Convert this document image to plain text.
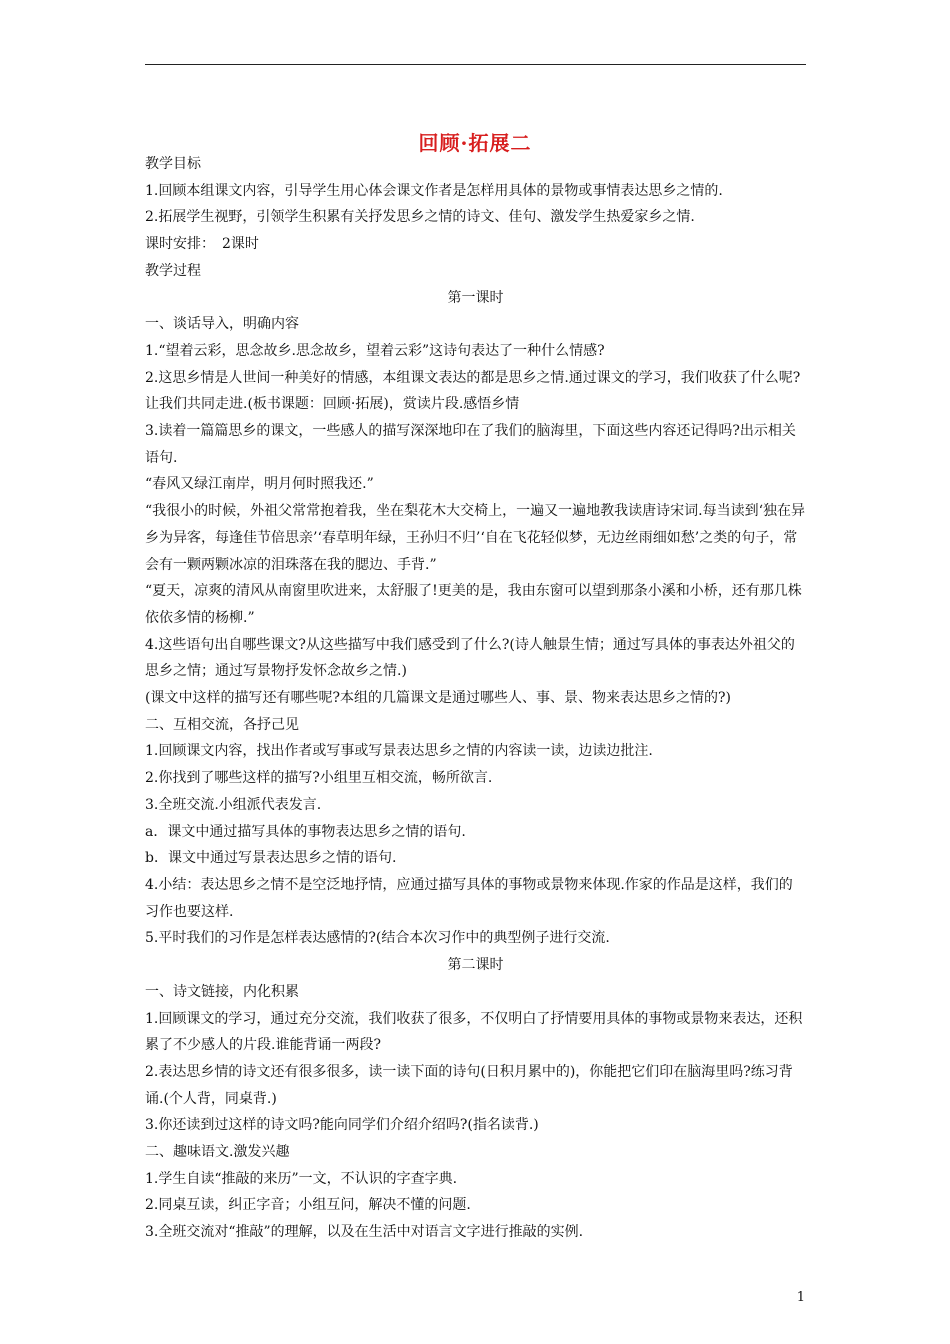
回顾·拓展二

教学目标

1.回顾本组课文内容，引导学生用心体会课文作者是怎样用具体的景物或事情表达思乡之情的.

2.拓展学生视野，引领学生积累有关抒发思乡之情的诗文、佳句、激发学生热爱家乡之情.

课时安排：　2课时

教学过程

第一课时

一、谈话导入，明确内容

1.“望着云彩，思念故乡.思念故乡，望着云彩”这诗句表达了一种什么情感?

2.这思乡情是人世间一种美好的情感，本组课文表达的都是思乡之情.通过课文的学习，我们收获了什么呢?让我们共同走进.(板书课题：回顾·拓展)，赏读片段.感悟乡情

3.读着一篇篇思乡的课文，一些感人的描写深深地印在了我们的脑海里，下面这些内容还记得吗?出示相关语句.

“春风又绿江南岸，明月何时照我还.”

“我很小的时候，外祖父常常抱着我，坐在梨花木大交椅上，一遍又一遍地教我读唐诗宋词.每当读到‘独在异乡为异客，每逢佳节倍思亲’‘春草明年绿，王孙归不归’‘自在飞花轻似梦，无边丝雨细如愁’之类的句子，常会有一颗两颗冰凉的泪珠落在我的腮边、手背.”

“夏天，凉爽的清风从南窗里吹进来，太舒服了!更美的是，我由东窗可以望到那条小溪和小桥，还有那几株依依多情的杨柳.”

4.这些语句出自哪些课文?从这些描写中我们感受到了什么?(诗人触景生情；通过写具体的事表达外祖父的思乡之情；通过写景物抒发怀念故乡之情.)

(课文中这样的描写还有哪些呢?本组的几篇课文是通过哪些人、事、景、物来表达思乡之情的?)

二、互相交流，各抒己见

1.回顾课文内容，找出作者或写事或写景表达思乡之情的内容读一读，边读边批注.

2.你找到了哪些这样的描写?小组里互相交流，畅所欲言.

3.全班交流.小组派代表发言.

a．课文中通过描写具体的事物表达思乡之情的语句.

b．课文中通过写景表达思乡之情的语句.

4.小结：表达思乡之情不是空泛地抒情，应通过描写具体的事物或景物来体现.作家的作品是这样，我们的习作也要这样.

5.平时我们的习作是怎样表达感情的?(结合本次习作中的典型例子进行交流.

第二课时

一、诗文链接，内化积累

1.回顾课文的学习，通过充分交流，我们收获了很多，不仅明白了抒情要用具体的事物或景物来表达，还积累了不少感人的片段.谁能背诵一两段?

2.表达思乡情的诗文还有很多很多，读一读下面的诗句(日积月累中的)，你能把它们印在脑海里吗?练习背诵.(个人背，同桌背.)

3.你还读到过这样的诗文吗?能向同学们介绍介绍吗?(指名读背.)

二、趣味语文.激发兴趣

1.学生自读“推敲的来历”一文，不认识的字查字典.

2.同桌互读，纠正字音；小组互问，解决不懂的问题.

3.全班交流对“推敲”的理解，以及在生活中对语言文字进行推敲的实例.

1
